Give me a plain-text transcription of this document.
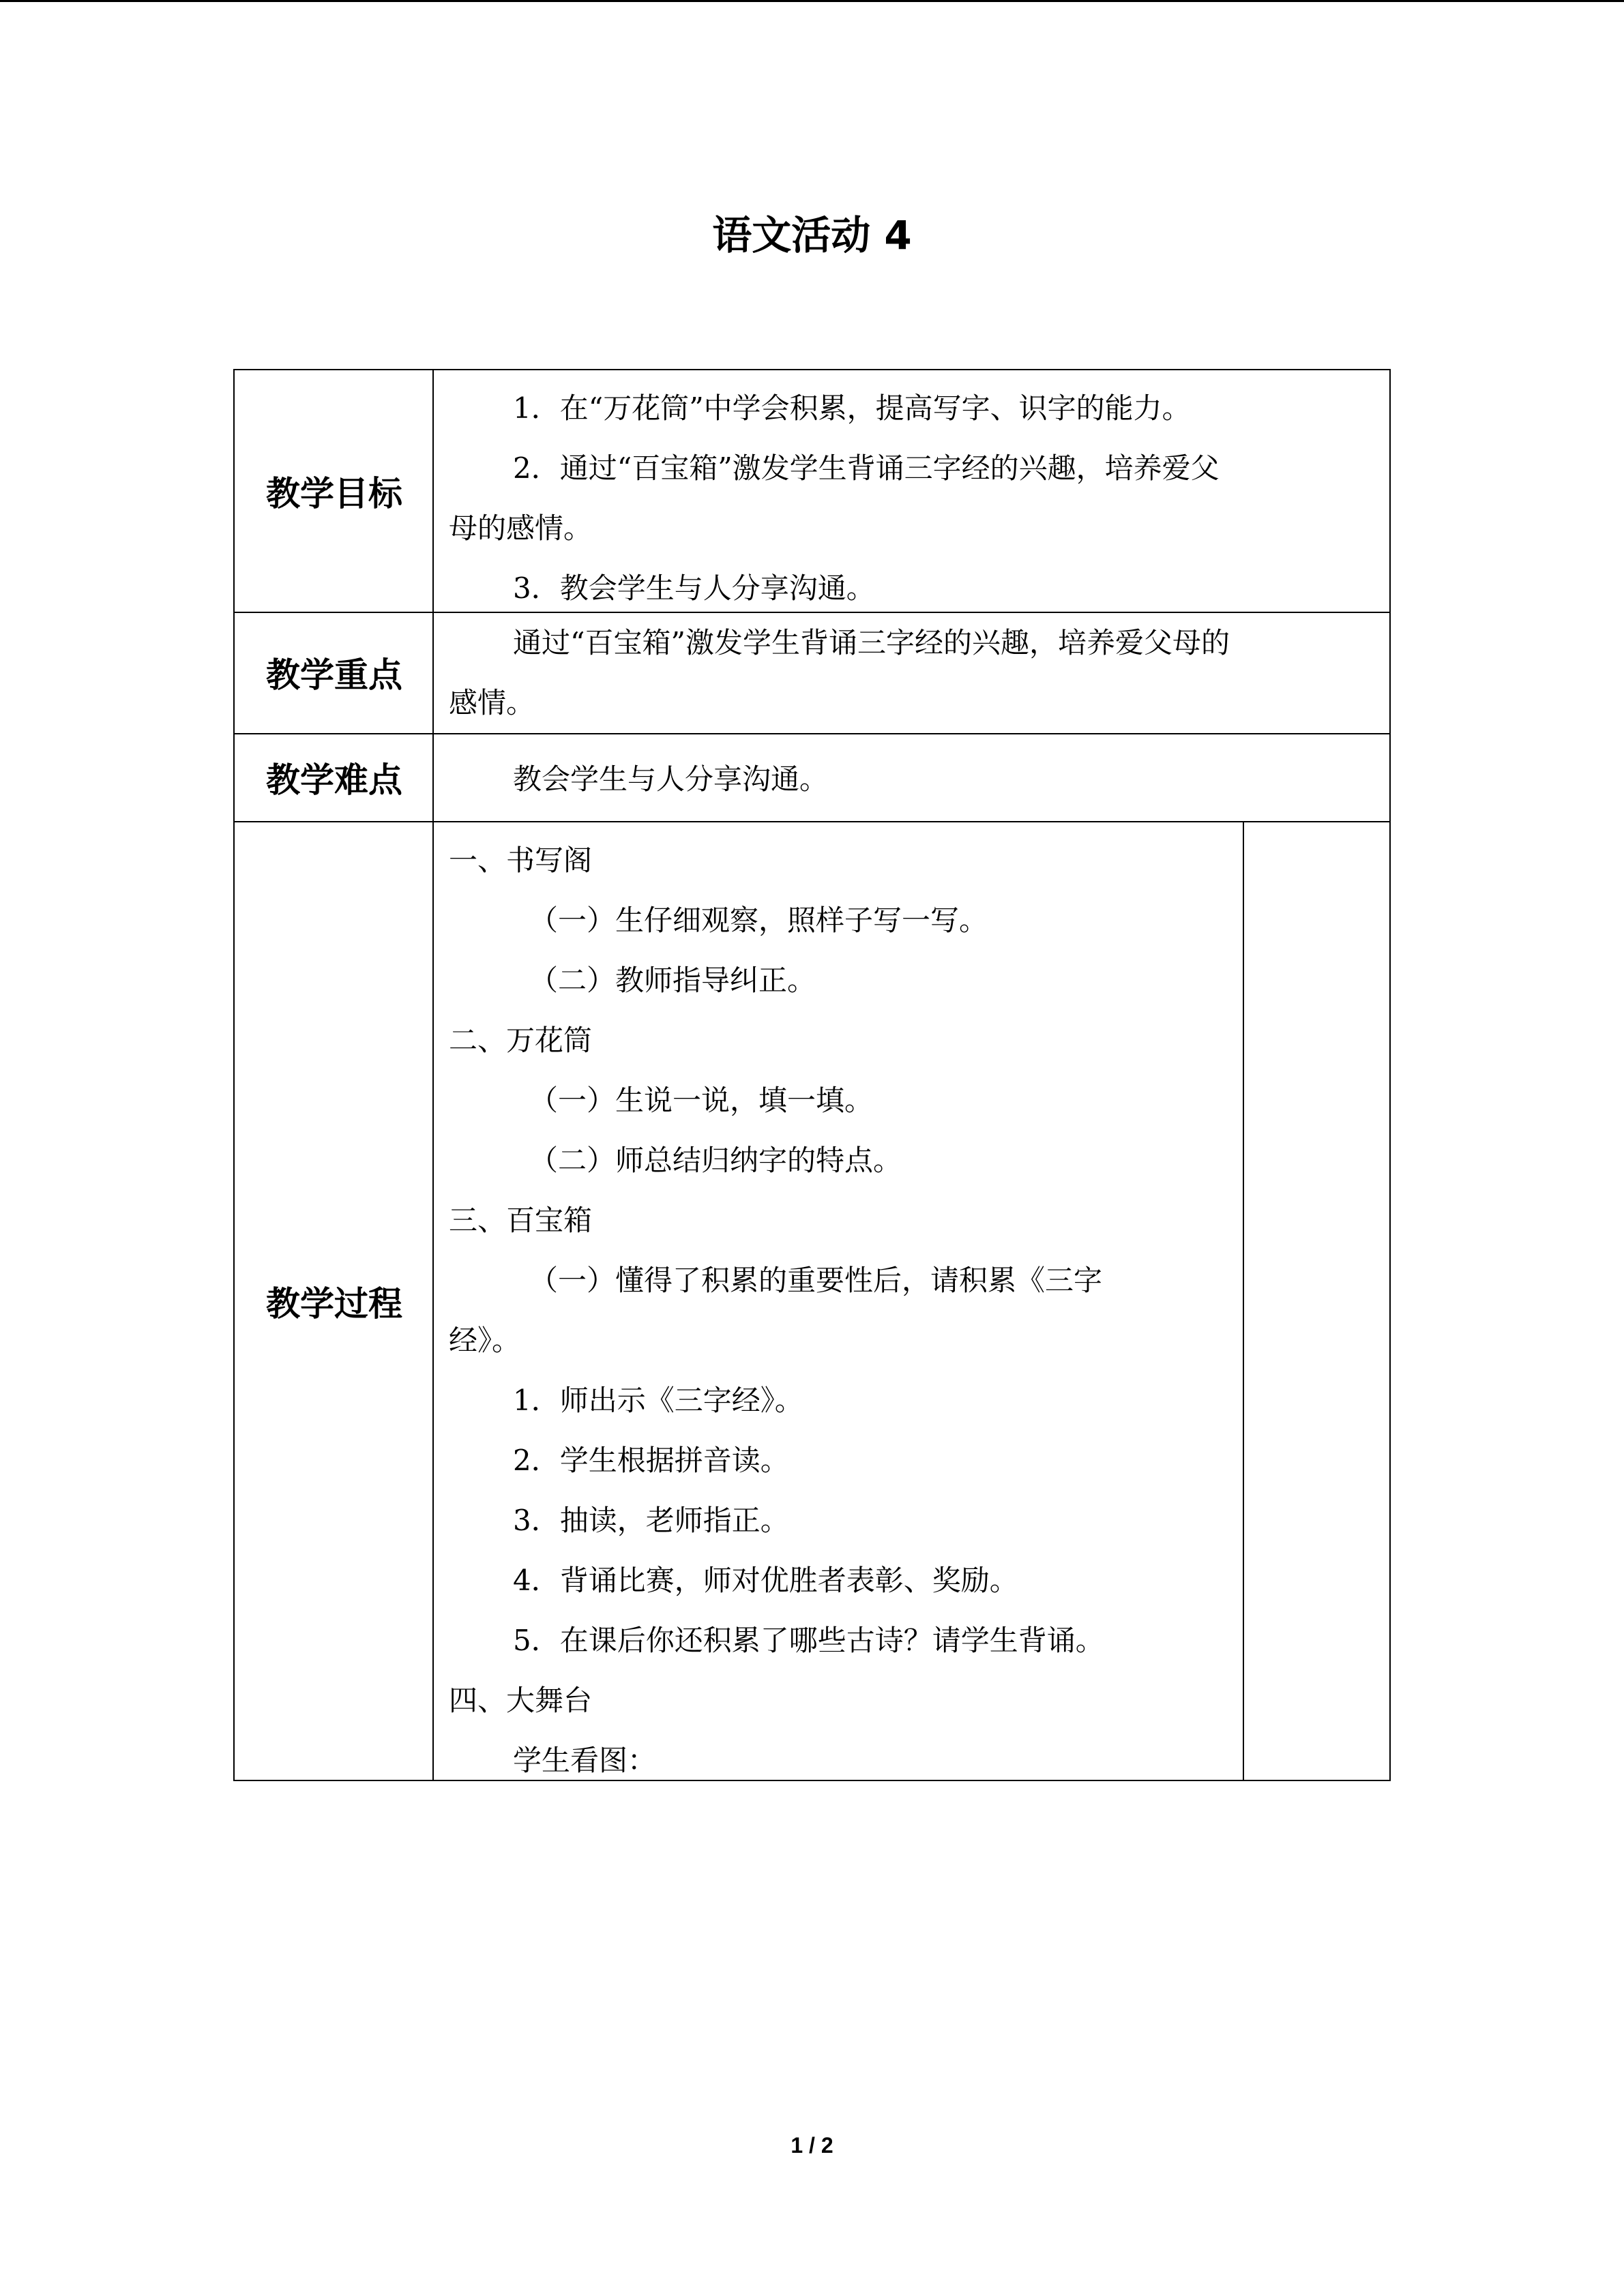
语文活动 4
教学目标

1．在“万花筒”中学会积累，提高写字、识字的能力。

2．通过“百宝箱”激发学生背诵三字经的兴趣，培养爱父

母的感情。

3．教会学生与人分享沟通。

教学重点

通过“百宝箱”激发学生背诵三字经的兴趣，培养爱父母的

感情。

教学难点	教会学生与人分享沟通。

教学过程

一、书写阁

（一）生仔细观察，照样子写一写。

（二）教师指导纠正。

二、万花筒

（一）生说一说，填一填。

（二）师总结归纳字的特点。

三、百宝箱

（一）懂得了积累的重要性后，请积累《三字

经》。

1．师出示《三字经》。

2．学生根据拼音读。

3．抽读，老师指正。

4．背诵比赛，师对优胜者表彰、奖励。

5．在课后你还积累了哪些古诗？请学生背诵。

四、大舞台

学生看图：

1 / 2
